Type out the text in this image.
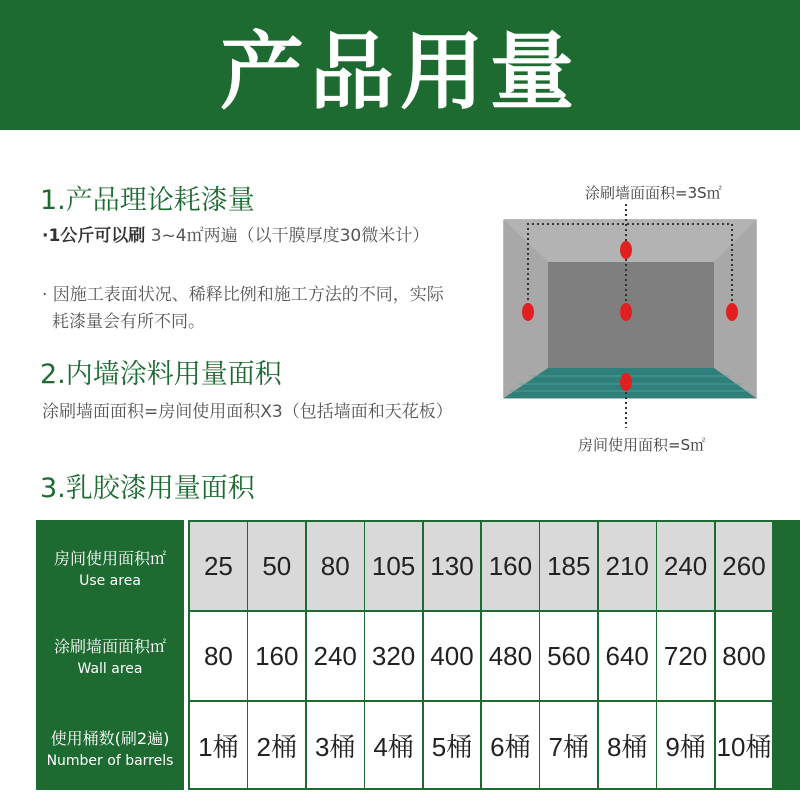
产品用量
1.产品理论耗漆量
·1公斤可以刷 3~4㎡两遍（以干膜厚度30微米计）
· 因施工表面状况、稀释比例和施工方法的不同，实际
耗漆量会有所不同。
2.内墙涂料用量面积
涂刷墙面面积=房间使用面积X3（包括墙面和天花板）
3.乳胶漆用量面积
涂刷墙面面积=3S㎡
房间使用面积=S㎡
房间使用面积㎡
Use area
涂刷墙面面积㎡
Wall area
使用桶数(刷2遍)
Number of barrels
25	50	80 105 130 160 185 210 240 260
80 160 240 320 400 480 560 640 720 800
1桶 2桶 3桶 4桶 5桶 6桶 7桶 8桶 9桶 10桶
